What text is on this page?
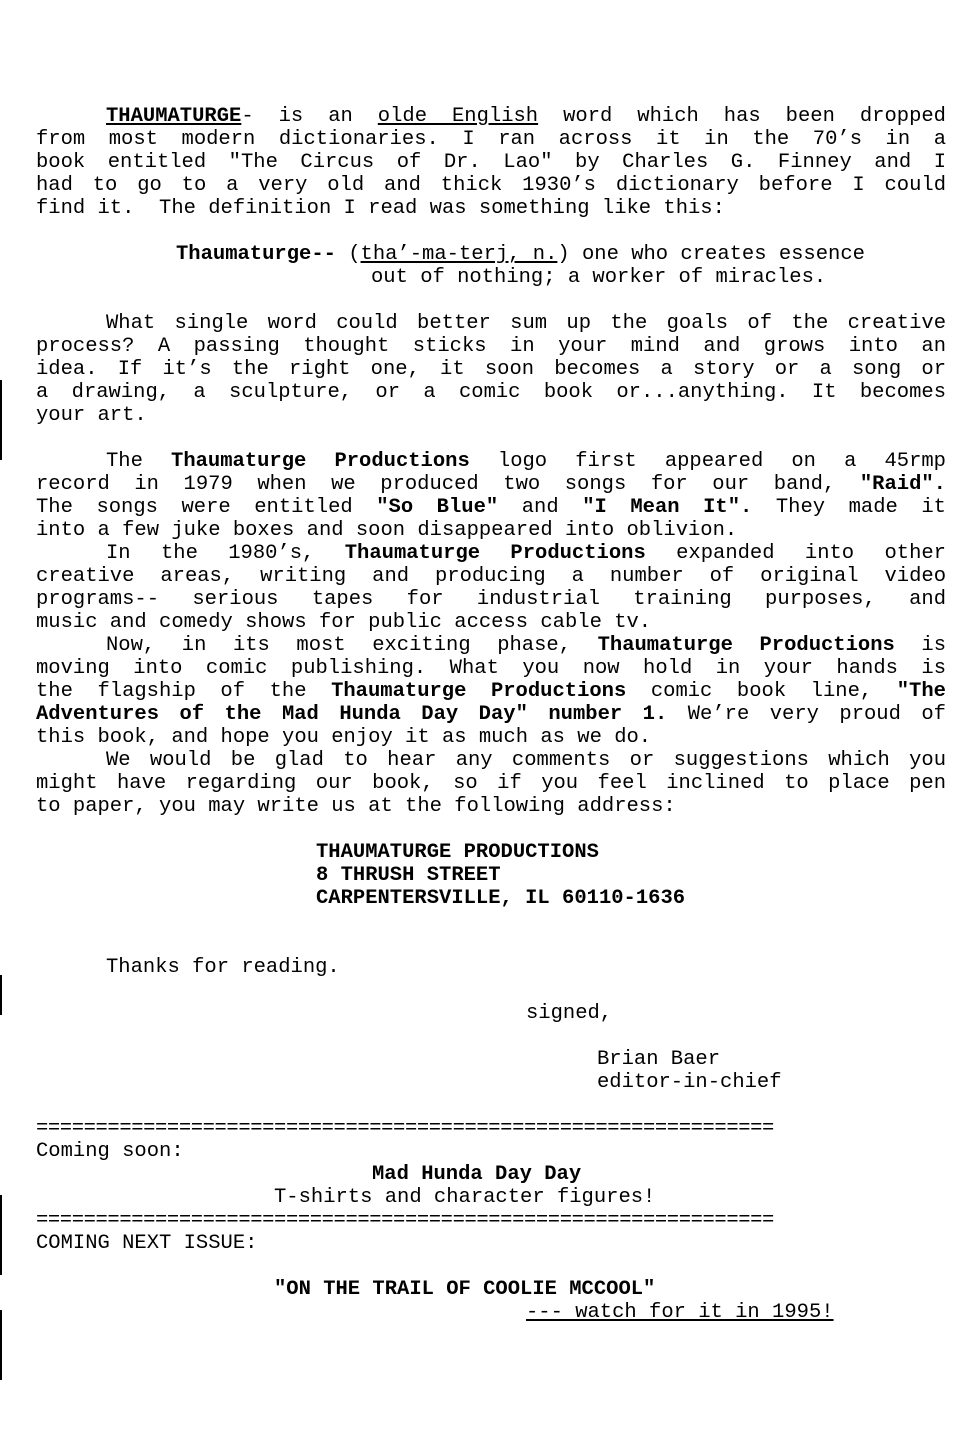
THAUMATURGE- is an olde English word which has been dropped
from most modern dictionaries. I ran across it in the 70’s in a
book entitled "The Circus of Dr. Lao" by Charles G. Finney and I
had to go to a very old and thick 1930’s dictionary before I could
find it.  The definition I read was something like this:
Thaumaturge-- (tha’-ma-terj, n.) one who creates essence
out of nothing; a worker of miracles.
What single word could better sum up the goals of the creative
process? A passing thought sticks in your mind and grows into an
idea. If it’s the right one, it soon becomes a story or a song or
a drawing, a sculpture, or a comic book or...anything. It becomes
your art.
The Thaumaturge Productions logo first appeared on a 45rmp
record in 1979 when we produced two songs for our band, "Raid".
The songs were entitled "So Blue" and "I Mean It". They made it
into a few juke boxes and soon disappeared into oblivion.
In the 1980’s, Thaumaturge Productions expanded into other
creative areas, writing and producing a number of original video
programs-- serious tapes for industrial training purposes, and
music and comedy shows for public access cable tv.
Now, in its most exciting phase, Thaumaturge Productions is
moving into comic publishing. What you now hold in your hands is
the flagship of the Thaumaturge Productions comic book line, "The
Adventures of the Mad Hunda Day Day" number 1. We’re very proud of
this book, and hope you enjoy it as much as we do.
We would be glad to hear any comments or suggestions which you
might have regarding our book, so if you feel inclined to place pen
to paper, you may write us at the following address:
THAUMATURGE PRODUCTIONS
8 THRUSH STREET
CARPENTERSVILLE, IL 60110-1636
Thanks for reading.
signed,
Brian Baer
editor-in-chief
==============================================================
Coming soon:
Mad Hunda Day Day
T-shirts and character figures!
==============================================================
COMING NEXT ISSUE:
"ON THE TRAIL OF COOLIE MCCOOL"
--- watch for it in 1995!
